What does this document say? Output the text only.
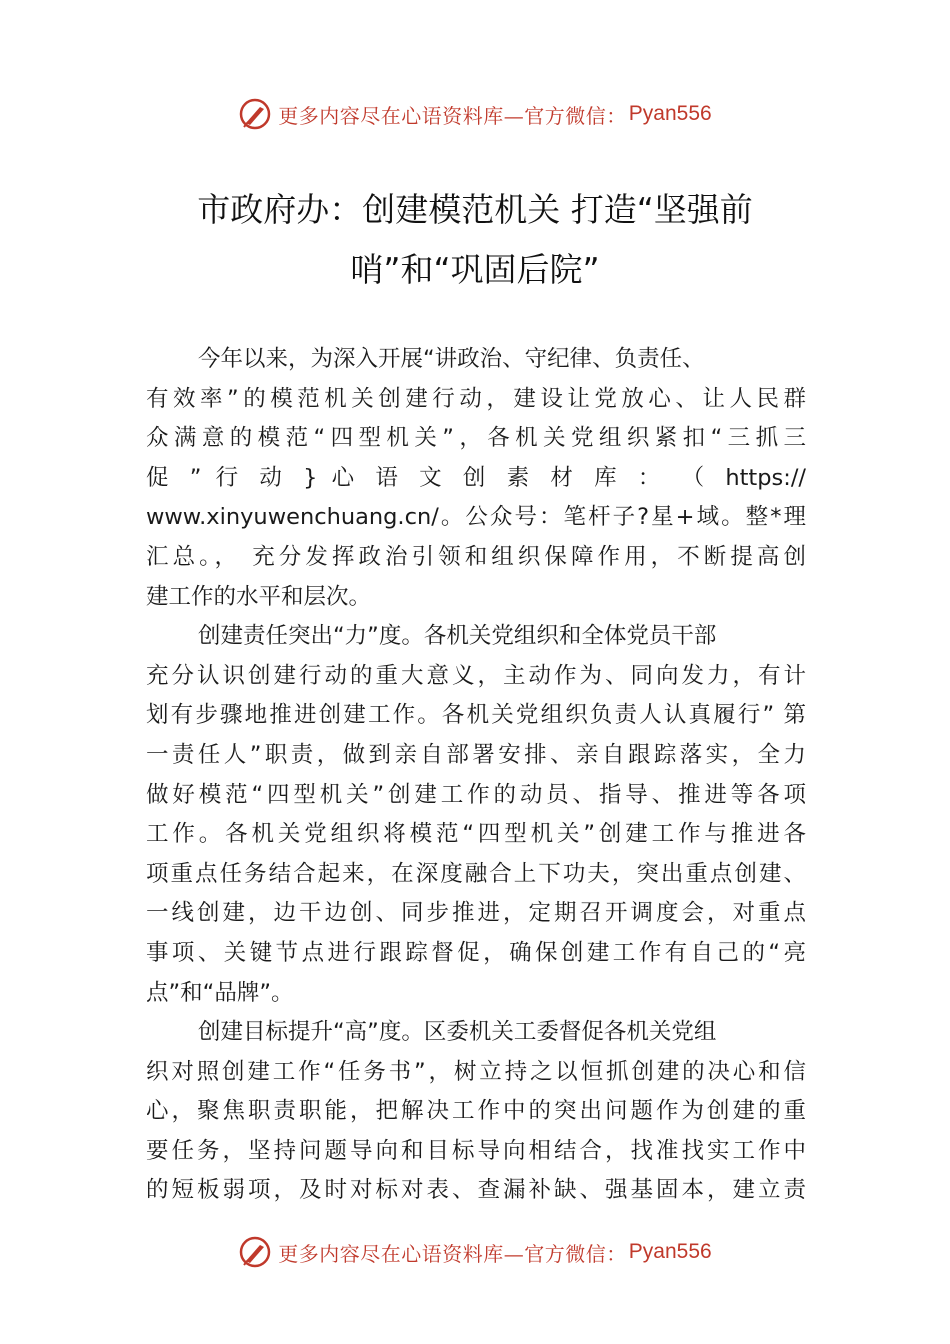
更多内容尽在心语资料库—官方微信： Pyan556
市政府办：创建模范机关 打造“坚强前
哨”和“巩固后院”
今年以来，为深入开展“讲政治、守纪律、负责任、
有效率”的模范机关创建行动，建设让党放心、让人民群
众满意的模范“四型机关”，各机关党组织紧扣“三抓三
促 ” 行 动 } 心 语 文 创 素 材 库 ： （ https://
www.xinyuwenchuang.cn/。公众号：笔杆子?星+域。整*理
汇总。， 充分发挥政治引领和组织保障作用，不断提高创
建工作的水平和层次。
创建责任突出“力”度。各机关党组织和全体党员干部
充分认识创建行动的重大意义，主动作为、同向发力，有计
划有步骤地推进创建工作。各机关党组织负责人认真履行” 第
一责任人”职责，做到亲自部署安排、亲自跟踪落实，全力
做好模范“四型机关”创建工作的动员、指导、推进等各项
工作。各机关党组织将模范“四型机关”创建工作与推进各
项重点任务结合起来，在深度融合上下功夫，突出重点创建、
一线创建，边干边创、同步推进，定期召开调度会，对重点
事项、关键节点进行跟踪督促，确保创建工作有自己的“亮
点”和“品牌”。
创建目标提升“高”度。区委机关工委督促各机关党组
织对照创建工作“任务书”，树立持之以恒抓创建的决心和信
心，聚焦职责职能，把解决工作中的突出问题作为创建的重
要任务，坚持问题导向和目标导向相结合，找准找实工作中
的短板弱项，及时对标对表、查漏补缺、强基固本，建立责
更多内容尽在心语资料库—官方微信： Pyan556
